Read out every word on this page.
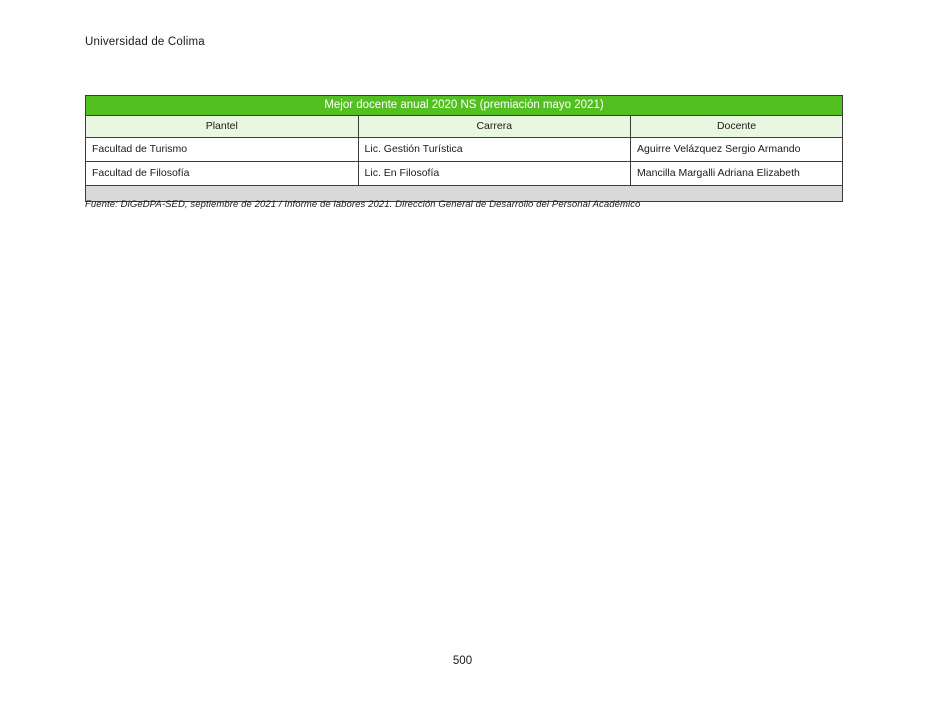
Universidad de Colima
Mejor docente anual 2020 NS (premiación mayo 2021)		
Plantel	Carrera	Docente
Facultad de Turismo	Lic. Gestión Turística	Aguirre Velázquez Sergio Armando
Facultad de Filosofía	Lic. En Filosofía	Mancilla Margalli Adriana Elizabeth

Fuente: DiGeDPA-SED, septiembre de 2021 / Informe de labores 2021. Dirección General de Desarrollo del Personal Académico
500
